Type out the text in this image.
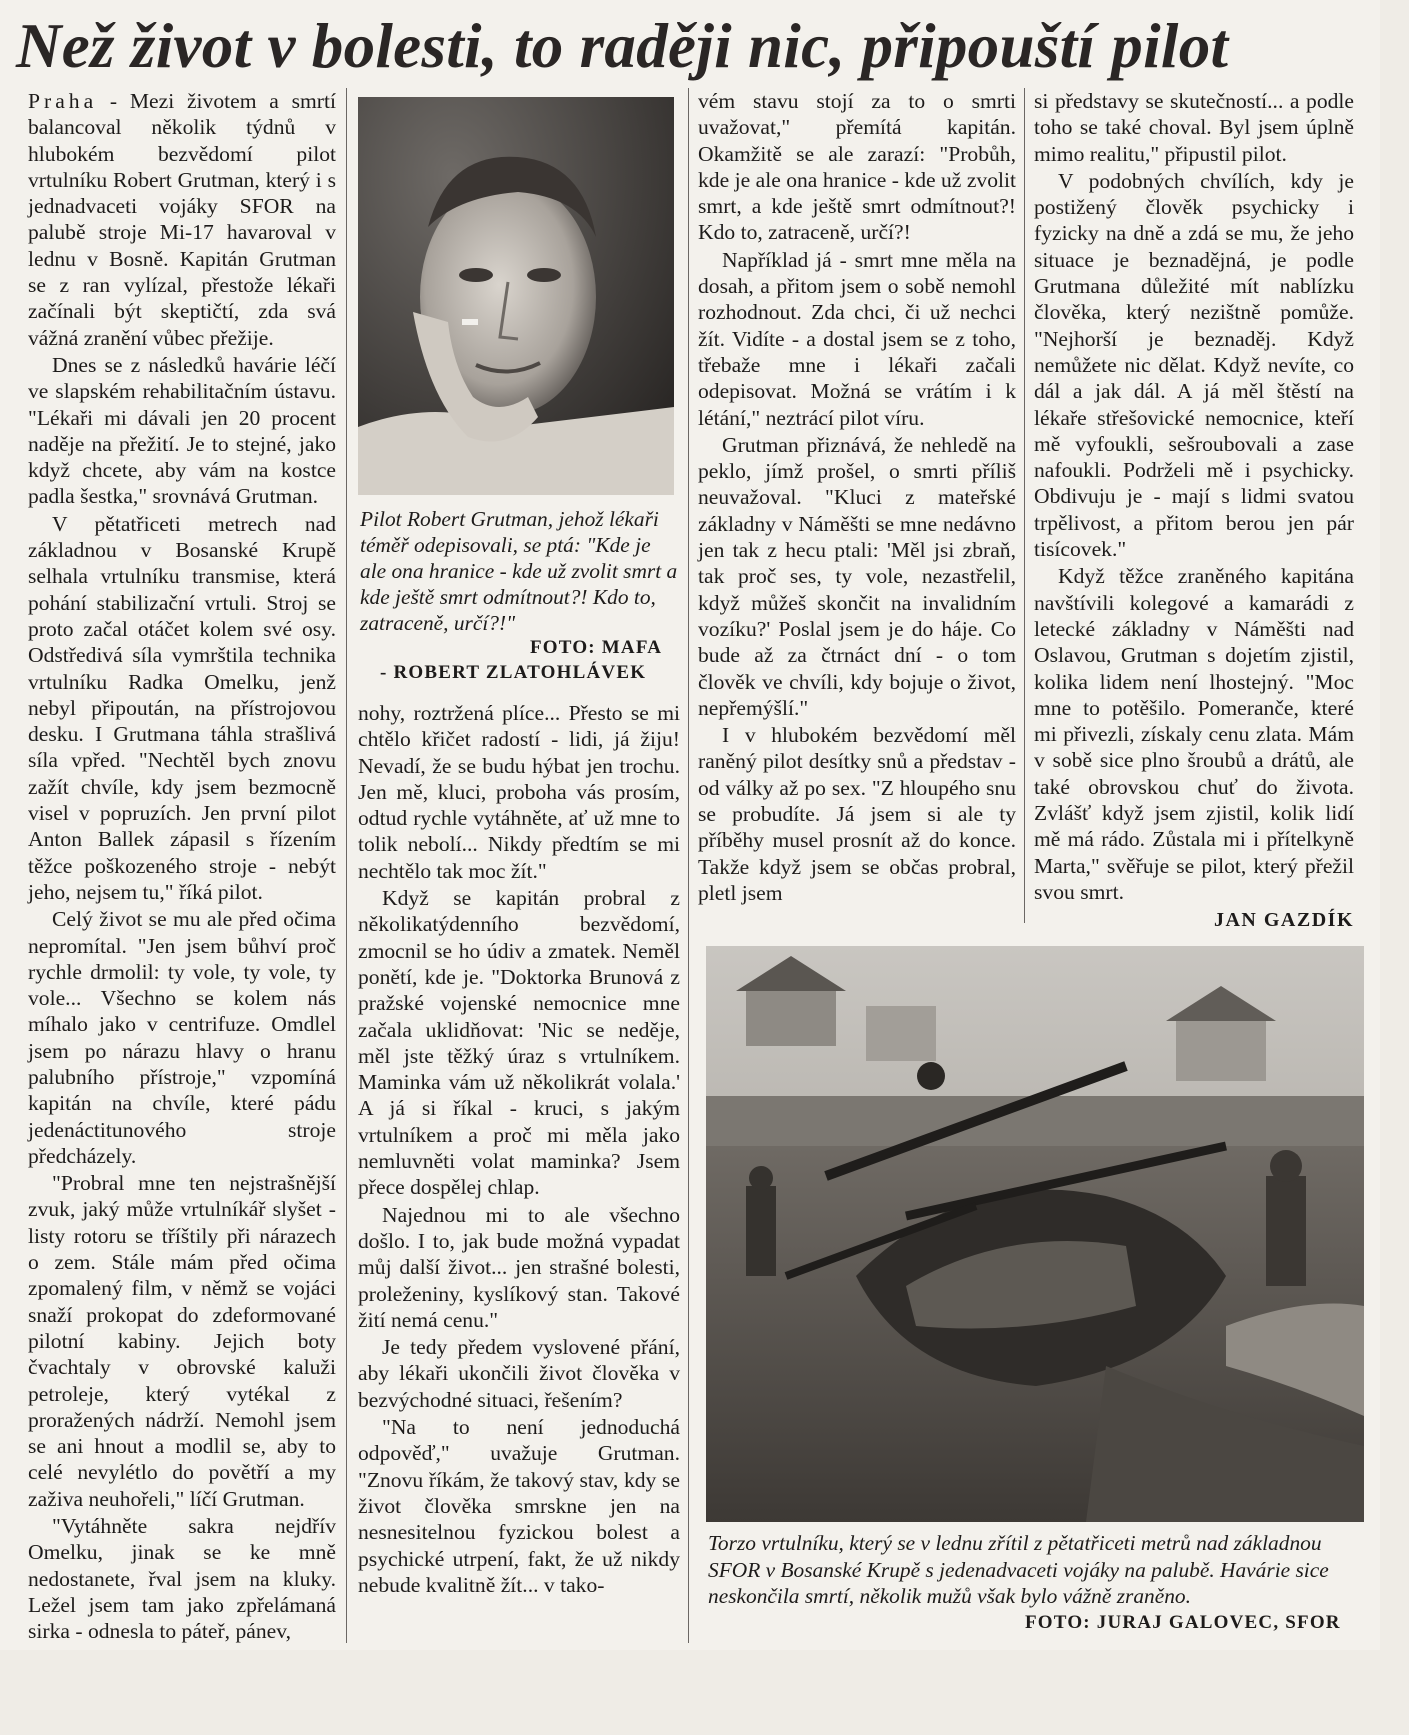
Než život v bolesti, to raději nic, připouští pilot

Praha - Mezi životem a smrtí balancoval několik týdnů v hlubokém bezvědomí pilot vrtulníku Robert Grutman, který i s jednadvaceti vojáky SFOR na palubě stroje Mi-17 havaroval v lednu v Bosně. Kapitán Grutman se z ran vylízal, přestože lékaři začínali být skeptičtí, zda svá vážná zranění vůbec přežije.

Dnes se z následků havárie léčí ve slapském rehabilitačním ústavu. "Lékaři mi dávali jen 20 procent naděje na přežití. Je to stejné, jako když chcete, aby vám na kostce padla šestka," srovnává Grutman.

V pětatřiceti metrech nad základnou v Bosanské Krupě selhala vrtulníku transmise, která pohání stabilizační vrtuli. Stroj se proto začal otáčet kolem své osy. Odstředivá síla vymrštila technika vrtulníku Radka Omelku, jenž nebyl připoután, na přístrojovou desku. I Grutmana táhla strašlivá síla vpřed. "Nechtěl bych znovu zažít chvíle, kdy jsem bezmocně visel v popruzích. Jen první pilot Anton Ballek zápasil s řízením těžce poškozeného stroje - nebýt jeho, nejsem tu," říká pilot.

Celý život se mu ale před očima nepromítal. "Jen jsem bůhví proč rychle drmolil: ty vole, ty vole, ty vole... Všechno se kolem nás míhalo jako v centrifuze. Omdlel jsem po nárazu hlavy o hranu palubního přístroje," vzpomíná kapitán na chvíle, které pádu jedenáctitunového stroje předcházely.

"Probral mne ten nejstrašnější zvuk, jaký může vrtulníkář slyšet - listy rotoru se tříštily při nárazech o zem. Stále mám před očima zpomalený film, v němž se vojáci snaží prokopat do zdeformované pilotní kabiny. Jejich boty čvachtaly v obrovské kaluži petroleje, který vytékal z proražených nádrží. Nemohl jsem se ani hnout a modlil se, aby to celé nevylétlo do povětří a my zaživa neuhořeli," líčí Grutman.

"Vytáhněte sakra nejdřív Omelku, jinak se ke mně nedostanete, řval jsem na kluky. Ležel jsem tam jako zpřelámaná sirka - odnesla to páteř, pánev,

Pilot Robert Grutman, jehož lékaři téměř odepisovali, se ptá: "Kde je ale ona hranice - kde už zvolit smrt a kde ještě smrt odmítnout?! Kdo to, zatraceně, určí?!"
FOTO: MAFA
- ROBERT ZLATOHLÁVEK

nohy, roztržená plíce... Přesto se mi chtělo křičet radostí - lidi, já žiju! Nevadí, že se budu hýbat jen trochu. Jen mě, kluci, proboha vás prosím, odtud rychle vytáhněte, ať už mne to tolik nebolí... Nikdy předtím se mi nechtělo tak moc žít."

Když se kapitán probral z několikatýdenního bezvědomí, zmocnil se ho údiv a zmatek. Neměl ponětí, kde je. "Doktorka Brunová z pražské vojenské nemocnice mne začala uklidňovat: 'Nic se neděje, měl jste těžký úraz s vrtulníkem. Maminka vám už několikrát volala.' A já si říkal - kruci, s jakým vrtulníkem a proč mi měla jako nemluvněti volat maminka? Jsem přece dospělej chlap.

Najednou mi to ale všechno došlo. I to, jak bude možná vypadat můj další život... jen strašné bolesti, proleženiny, kyslíkový stan. Takové žití nemá cenu."

Je tedy předem vyslovené přání, aby lékaři ukončili život člověka v bezvýchodné situaci, řešením?

"Na to není jednoduchá odpověď," uvažuje Grutman. "Znovu říkám, že takový stav, kdy se život člověka smrskne jen na nesnesitelnou fyzickou bolest a psychické utrpení, fakt, že už nikdy nebude kvalitně žít... v tako-

vém stavu stojí za to o smrti uvažovat," přemítá kapitán. Okamžitě se ale zarazí: "Probůh, kde je ale ona hranice - kde už zvolit smrt, a kde ještě smrt odmítnout?! Kdo to, zatraceně, určí?!

Například já - smrt mne měla na dosah, a přitom jsem o sobě nemohl rozhodnout. Zda chci, či už nechci žít. Vidíte - a dostal jsem se z toho, třebaže mne i lékaři začali odepisovat. Možná se vrátím i k létání," neztrácí pilot víru.

Grutman přiznává, že nehledě na peklo, jímž prošel, o smrti příliš neuvažoval. "Kluci z mateřské základny v Náměšti se mne nedávno jen tak z hecu ptali: 'Měl jsi zbraň, tak proč ses, ty vole, nezastřelil, když můžeš skončit na invalidním vozíku?' Poslal jsem je do háje. Co bude až za čtrnáct dní - o tom člověk ve chvíli, kdy bojuje o život, nepřemýšlí."

I v hlubokém bezvědomí měl raněný pilot desítky snů a představ - od války až po sex. "Z hloupého snu se probudíte. Já jsem si ale ty příběhy musel prosnít až do konce. Takže když jsem se občas probral, pletl jsem

si představy se skutečností... a podle toho se také choval. Byl jsem úplně mimo realitu," připustil pilot.

V podobných chvílích, kdy je postižený člověk psychicky i fyzicky na dně a zdá se mu, že jeho situace je beznadějná, je podle Grutmana důležité mít nablízku člověka, který nezištně pomůže. "Nejhorší je beznaděj. Když nemůžete nic dělat. Když nevíte, co dál a jak dál. A já měl štěstí na lékaře střešovické nemocnice, kteří mě vyfoukli, sešroubovali a zase nafoukli. Podrželi mě i psychicky. Obdivuju je - mají s lidmi svatou trpělivost, a přitom berou jen pár tisícovek."

Když těžce zraněného kapitána navštívili kolegové a kamarádi z letecké základny v Náměšti nad Oslavou, Grutman s dojetím zjistil, kolika lidem není lhostejný. "Moc mne to potěšilo. Pomeranče, které mi přivezli, získaly cenu zlata. Mám v sobě sice plno šroubů a drátů, ale také obrovskou chuť do života. Zvlášť když jsem zjistil, kolik lidí mě má rádo. Zůstala mi i přítelkyně Marta," svěřuje se pilot, který přežil svou smrt.

JAN GAZDÍK

Torzo vrtulníku, který se v lednu zřítil z pětatřiceti metrů nad základnou SFOR v Bosanské Krupě s jedenadvaceti vojáky na palubě. Havárie sice neskončila smrtí, několik mužů však bylo vážně zraněno.
FOTO: JURAJ GALOVEC, SFOR
